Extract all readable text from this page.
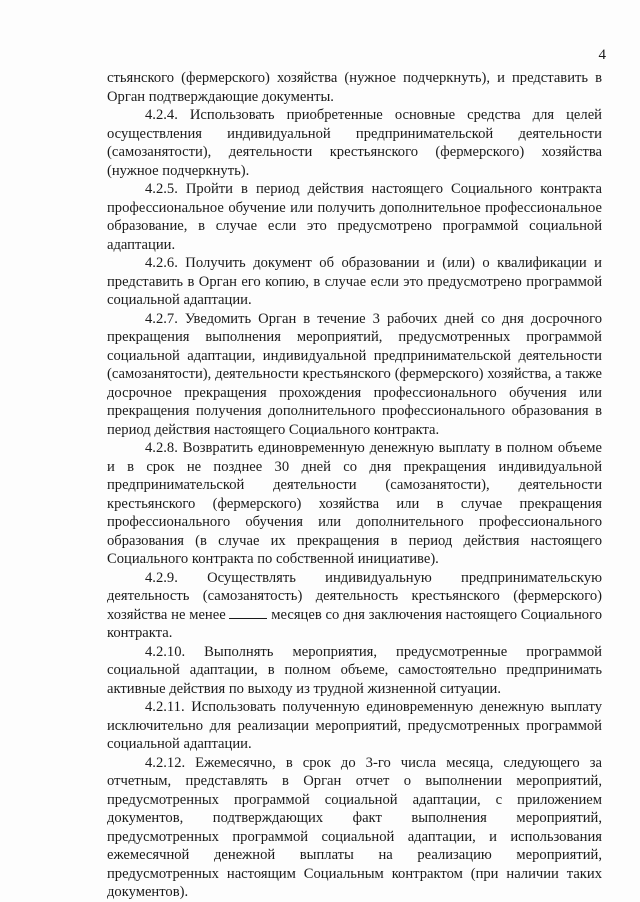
4

стьянского (фермерского) хозяйства (нужное подчеркнуть), и представить в Орган подтверждающие документы.

4.2.4. Использовать приобретенные основные средства для целей осуществления индивидуальной предпринимательской деятельности (самозанятости), деятельности крестьянского (фермерского) хозяйства (нужное подчеркнуть).

4.2.5. Пройти в период действия настоящего Социального контракта профессиональное обучение или получить дополнительное профессиональное образование, в случае если это предусмотрено программой социальной адаптации.

4.2.6. Получить документ об образовании и (или) о квалификации и представить в Орган его копию, в случае если это предусмотрено программой социальной адаптации.

4.2.7. Уведомить Орган в течение 3 рабочих дней со дня досрочного прекращения выполнения мероприятий, предусмотренных программой социальной адаптации, индивидуальной предпринимательской деятельности (самозанятости), деятельности крестьянского (фермерского) хозяйства, а также досрочное прекращения прохождения профессионального обучения или прекращения получения дополнительного профессионального образования в период действия настоящего Социального контракта.

4.2.8. Возвратить единовременную денежную выплату в полном объеме и в срок не позднее 30 дней со дня прекращения индивидуальной предпринимательской деятельности (самозанятости), деятельности крестьянского (фермерского) хозяйства или в случае прекращения профессионального обучения или дополнительного профессионального образования (в случае их прекращения в период действия настоящего Социального контракта по собственной инициативе).

4.2.9. Осуществлять индивидуальную предпринимательскую деятельность (самозанятость) деятельность крестьянского (фермерского) хозяйства не менее	месяцев со дня заключения настоящего Социального контракта.

4.2.10. Выполнять мероприятия, предусмотренные программой социальной адаптации, в полном объеме, самостоятельно предпринимать активные действия по выходу из трудной жизненной ситуации.

4.2.11. Использовать полученную единовременную денежную выплату исключительно для реализации мероприятий, предусмотренных программой социальной адаптации.

4.2.12. Ежемесячно, в срок до 3-го числа месяца, следующего за отчетным, представлять в Орган отчет о выполнении мероприятий, предусмотренных программой социальной адаптации, с приложением документов, подтверждающих факт выполнения мероприятий, предусмотренных программой социальной адаптации, и использования ежемесячной денежной выплаты на реализацию мероприятий, предусмотренных настоящим Социальным контрактом (при наличии таких документов).
